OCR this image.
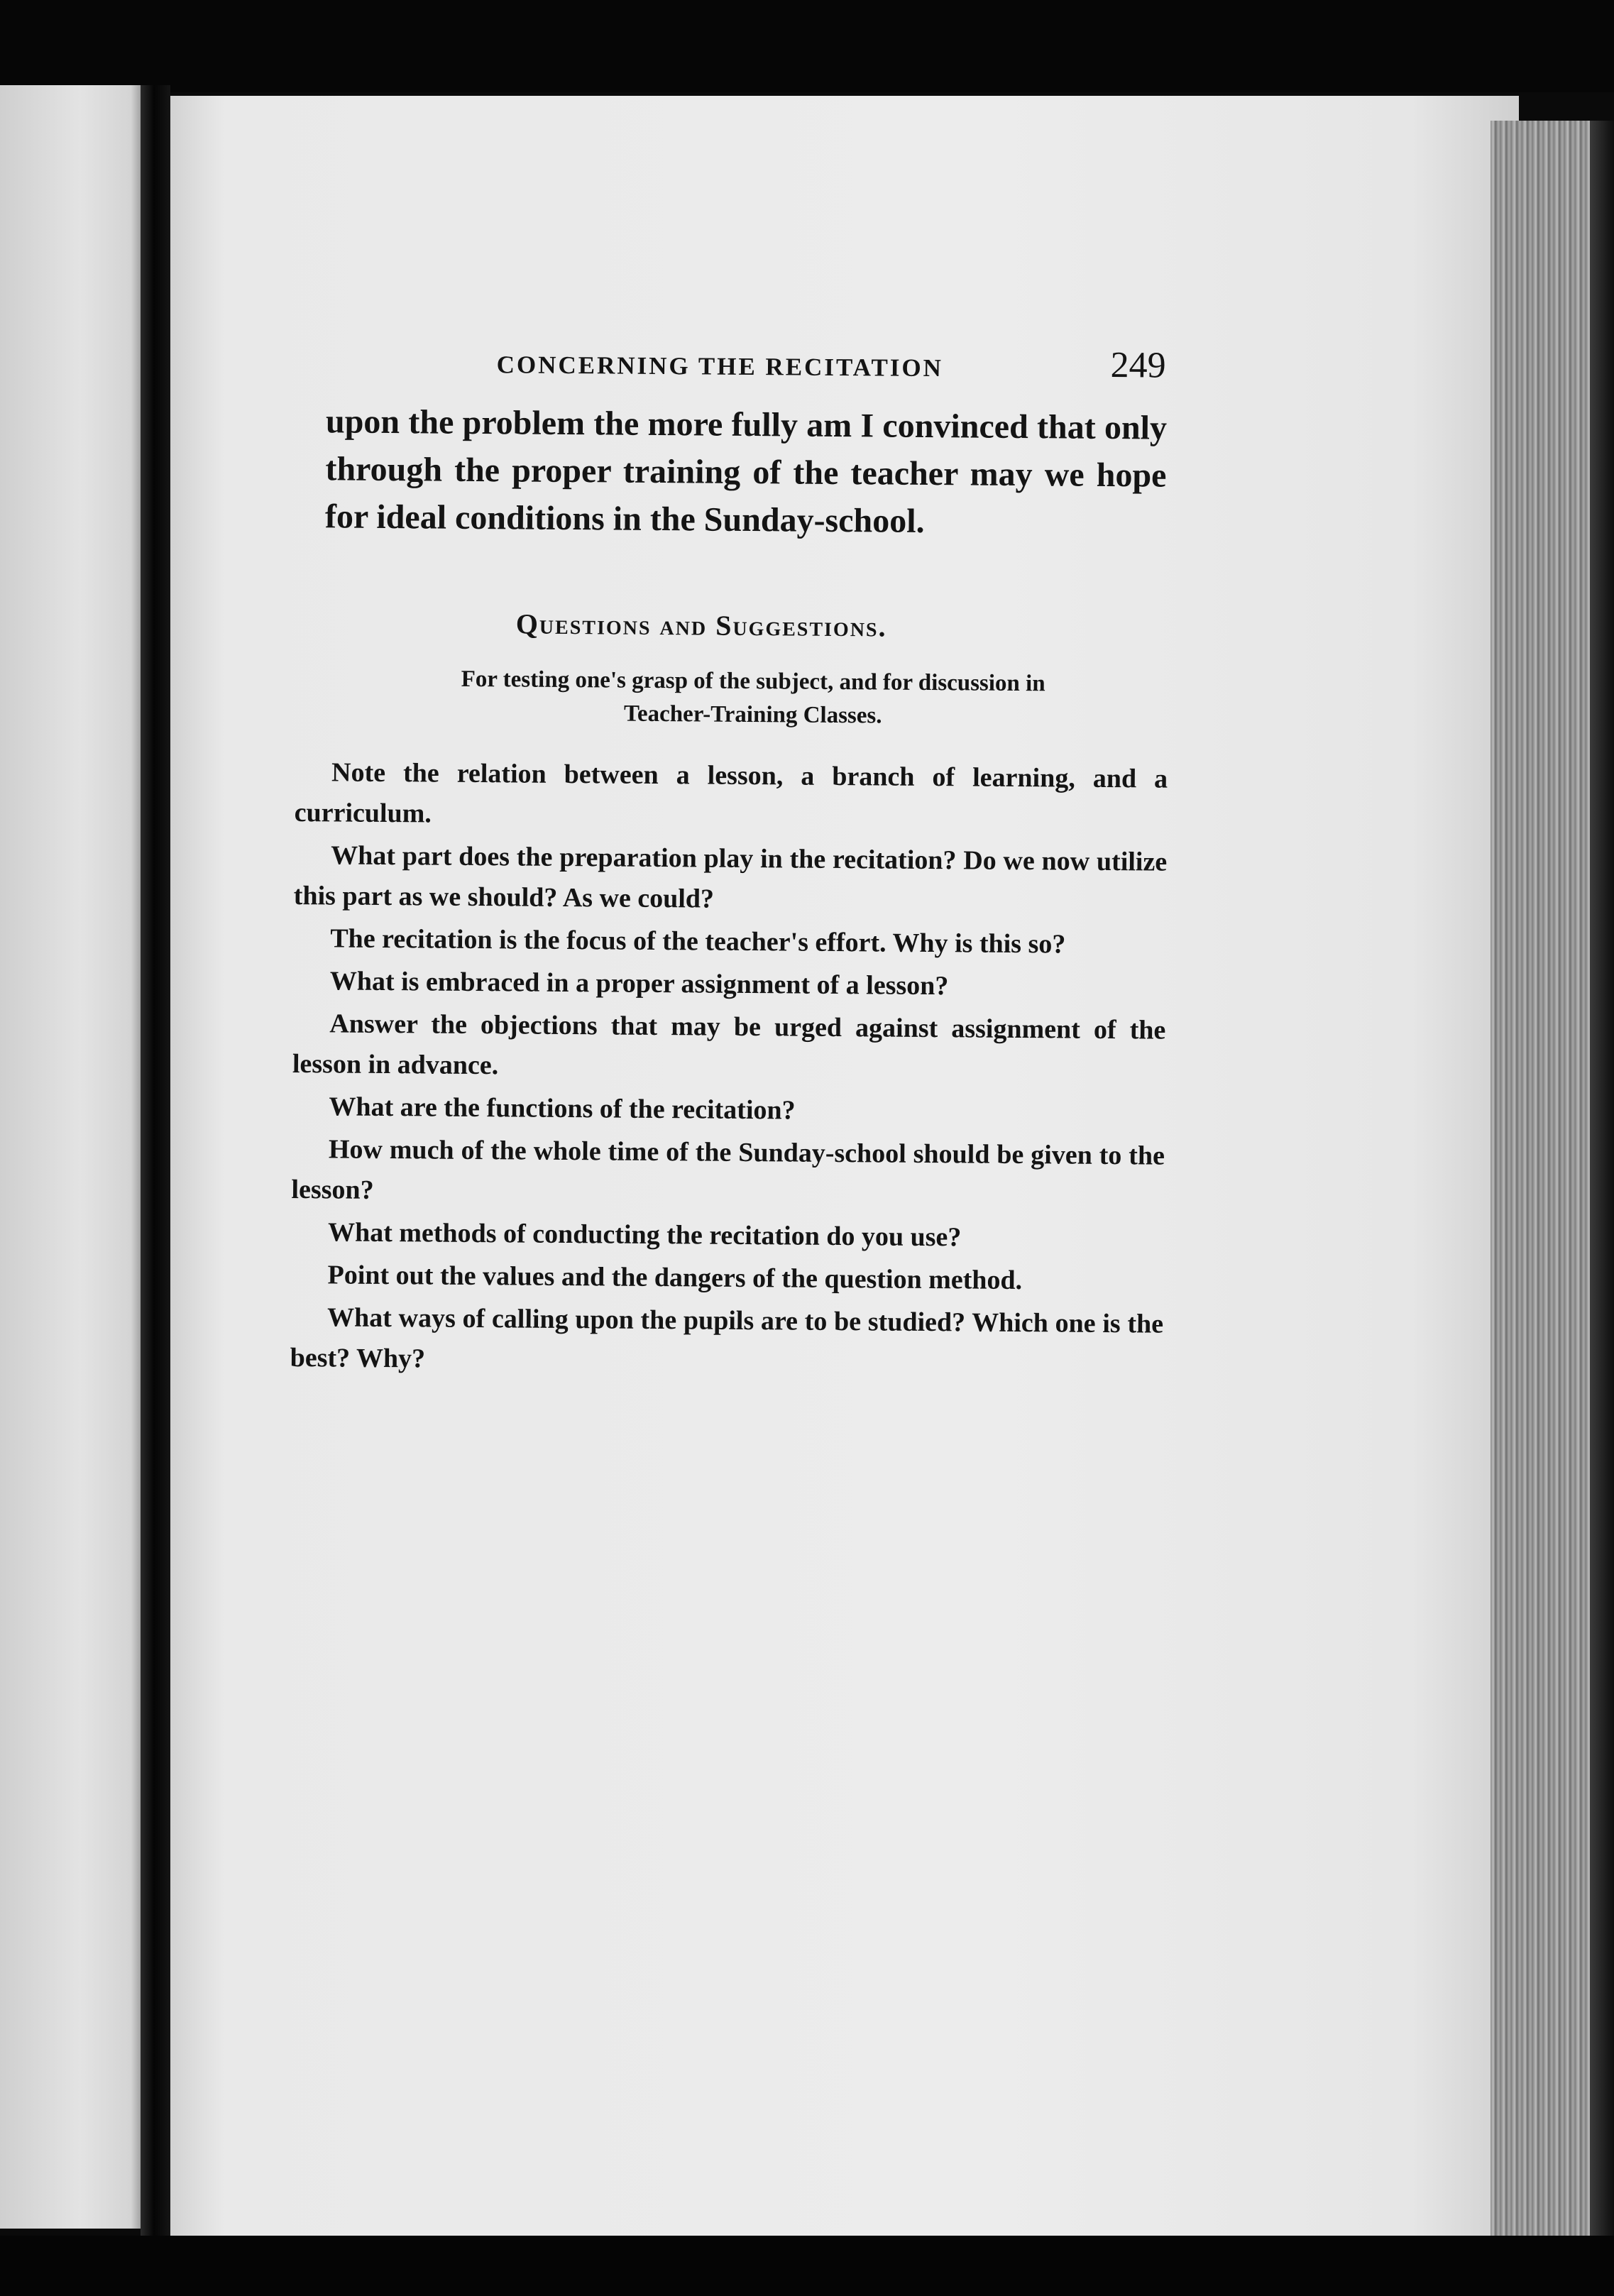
CONCERNING THE RECITATION	249

upon the problem the more fully am I convinced that only through the proper training of the teacher may we hope for ideal conditions in the Sunday-school.

Questions and Suggestions.
For testing one's grasp of the subject, and for discussion in Teacher-Training Classes.
Note the relation between a lesson, a branch of learning, and a curriculum.
What part does the preparation play in the recitation? Do we now utilize this part as we should? As we could?
The recitation is the focus of the teacher's effort. Why is this so?
What is embraced in a proper assignment of a lesson?
Answer the objections that may be urged against assignment of the lesson in advance.
What are the functions of the recitation?
How much of the whole time of the Sunday-school should be given to the lesson?
What methods of conducting the recitation do you use?
Point out the values and the dangers of the question method.
What ways of calling upon the pupils are to be studied? Which one is the best? Why?
